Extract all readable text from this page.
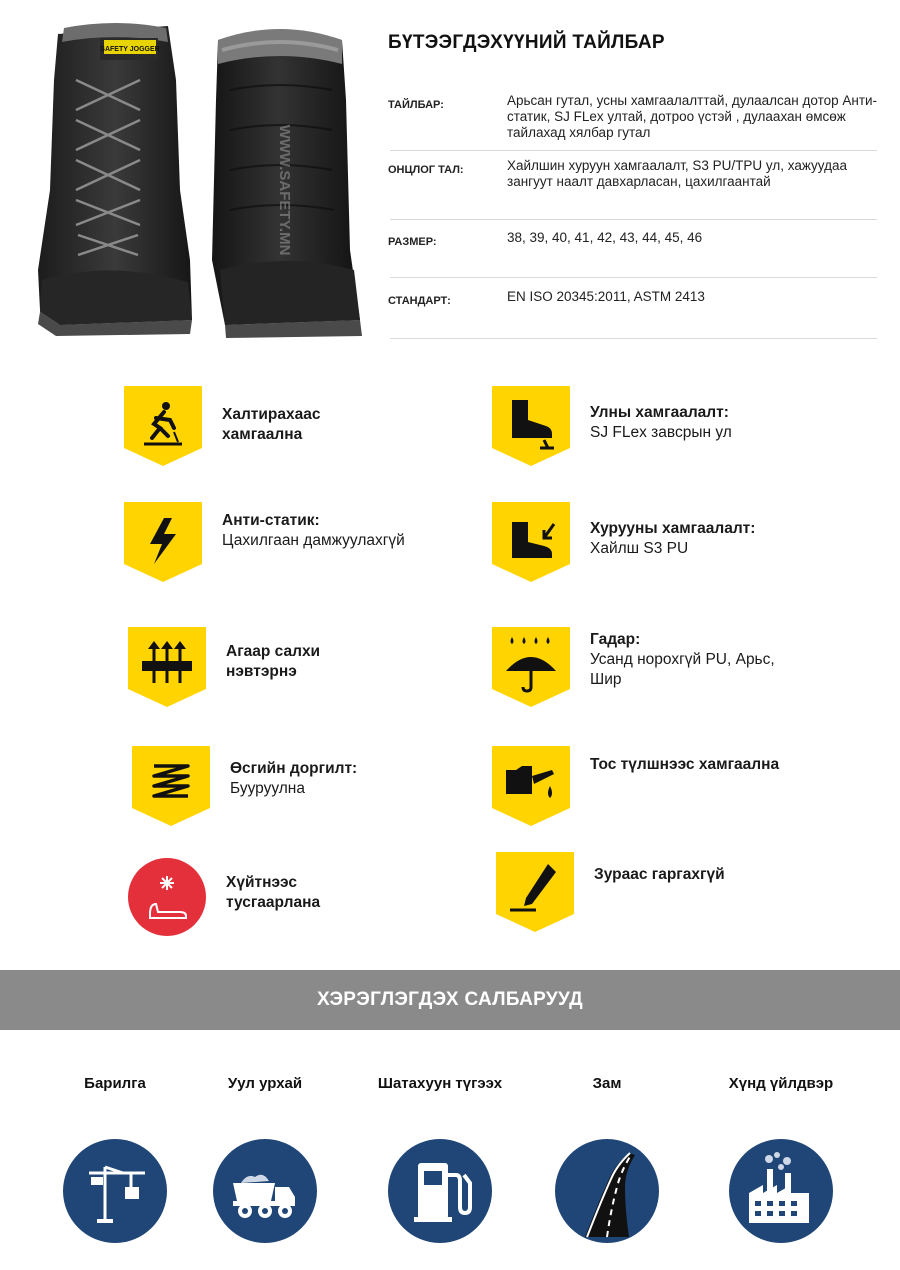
SAFETY JOGGER
WWW.SAFETY.MN
БҮТЭЭГДЭХҮҮНИЙ ТАЙЛБАР
ТАЙЛБАР:	Арьсан гутал, усны хамгаалалттай, дулаалсан дотор Анти-статик, SJ FLex ултай, дотроо үстэй , дулаахан өмсөж тайлахад хялбар гутал
ОНЦЛОГ ТАЛ:	Хайлшин хуруун хамгаалалт, S3 PU/TPU ул, хажуудаа зангуут наалт давхарласан, цахилгаантай
РАЗМЕР:	38, 39, 40, 41, 42, 43, 44, 45, 46
СТАНДАРТ:	EN ISO 20345:2011, ASTM 2413
Халтирахаас хамгаална
Улны хамгаалалт:
SJ FLex завсрын ул
Анти-статик:
Цахилгаан дамжуулахгүй
Хурууны хамгаалалт:
Хайлш S3 PU
Агаар салхи нэвтэрнэ
Гадар:
Усанд норохгүй PU, Арьс, Шир
Өсгийн доргилт:
Бууруулна
Тос түлшнээс хамгаална
Хүйтнээс тусгаарлана
Зураас гаргахгүй
ХЭРЭГЛЭГДЭХ САЛБАРУУД
Барилга	Уул урхай	Шатахуун түгээх	Зам	Хүнд үйлдвэр
